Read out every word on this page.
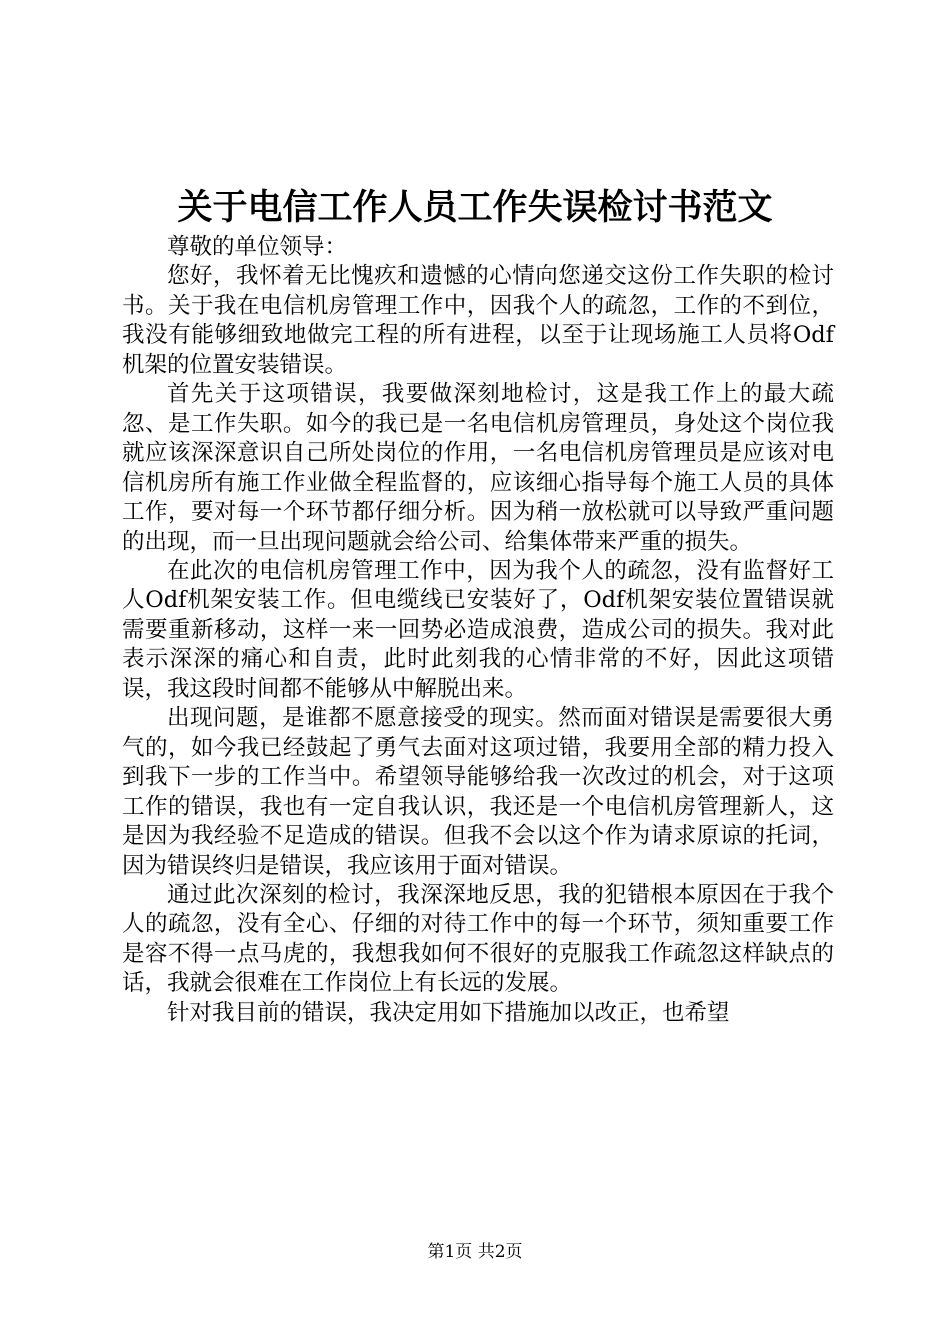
关于电信工作人员工作失误检讨书范文

尊敬的单位领导：

您好，我怀着无比愧疚和遗憾的心情向您递交这份工作失职的检讨书。关于我在电信机房管理工作中，因我个人的疏忽，工作的不到位，我没有能够细致地做完工程的所有进程，以至于让现场施工人员将Odf机架的位置安装错误。

首先关于这项错误，我要做深刻地检讨，这是我工作上的最大疏忽、是工作失职。如今的我已是一名电信机房管理员，身处这个岗位我就应该深深意识自己所处岗位的作用，一名电信机房管理员是应该对电信机房所有施工作业做全程监督的，应该细心指导每个施工人员的具体工作，要对每一个环节都仔细分析。因为稍一放松就可以导致严重问题的出现，而一旦出现问题就会给公司、给集体带来严重的损失。

在此次的电信机房管理工作中，因为我个人的疏忽，没有监督好工人Odf机架安装工作。但电缆线已安装好了，Odf机架安装位置错误就需要重新移动，这样一来一回势必造成浪费，造成公司的损失。我对此表示深深的痛心和自责，此时此刻我的心情非常的不好，因此这项错误，我这段时间都不能够从中解脱出来。

出现问题，是谁都不愿意接受的现实。然而面对错误是需要很大勇气的，如今我已经鼓起了勇气去面对这项过错，我要用全部的精力投入到我下一步的工作当中。希望领导能够给我一次改过的机会，对于这项工作的错误，我也有一定自我认识，我还是一个电信机房管理新人，这是因为我经验不足造成的错误。但我不会以这个作为请求原谅的托词，因为错误终归是错误，我应该用于面对错误。

通过此次深刻的检讨，我深深地反思，我的犯错根本原因在于我个人的疏忽，没有全心、仔细的对待工作中的每一个环节，须知重要工作是容不得一点马虎的，我想我如何不很好的克服我工作疏忽这样缺点的话，我就会很难在工作岗位上有长远的发展。

针对我目前的错误，我决定用如下措施加以改正，也希望

第1页 共2页
